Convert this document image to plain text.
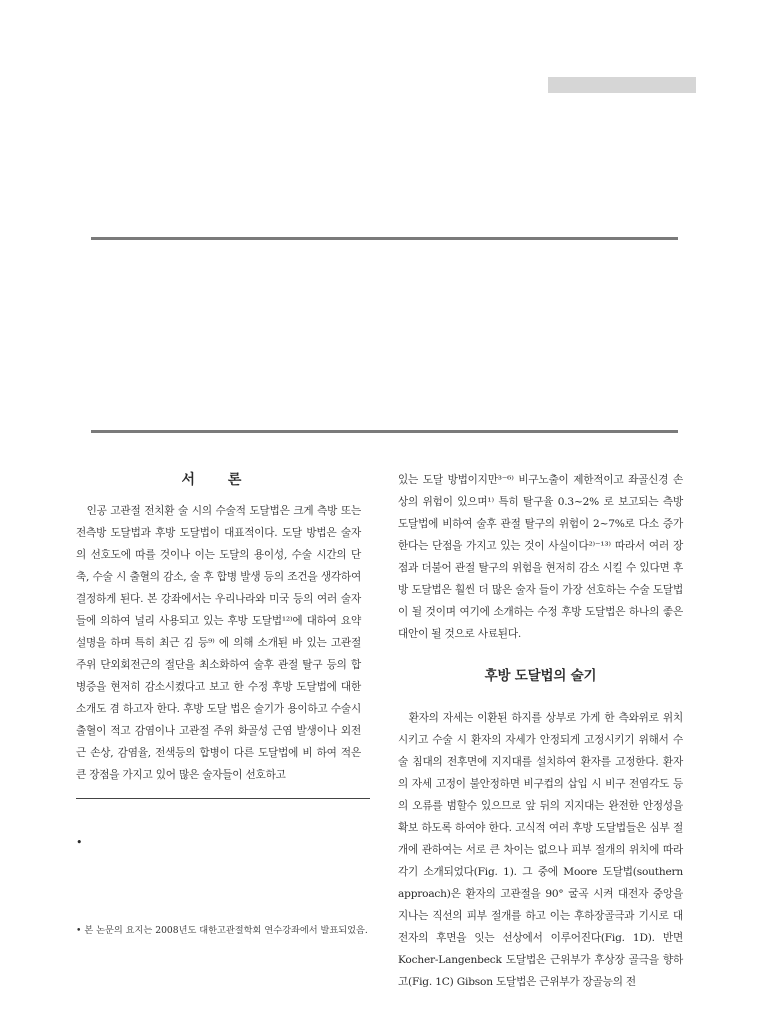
서 론

인공 고관절 전치환 술 시의 수술적 도달법은 크게 측방 또는 전측방 도달법과 후방 도달법이 대표적이다. 도달 방법은 술자의 선호도에 따를 것이나 이는 도달의 용이성, 수술 시간의 단축, 수술 시 출혈의 감소, 술 후 합병 발생 등의 조건을 생각하여 결정하게 된다. 본 강좌에서는 우리나라와 미국 등의 여러 술자들에 의하여 널리 사용되고 있는 후방 도달법¹²⁾에 대하여 요약 설명을 하며 특히 최근 김 등⁹⁾ 에 의해 소개된 바 있는 고관절 주위 단외회전근의 절단을 최소화하여 술후 관절 탈구 등의 합병증을 현저히 감소시켰다고 보고 한 수정 후방 도달법에 대한 소개도 겸 하고자 한다. 후방 도달 법은 술기가 용이하고 수술시 출혈이 적고 감염이나 고관절 주위 화골성 근염 발생이나 외전근 손상, 감염율, 전색등의 합병이 다른 도달법에 비 하여 적은 큰 장점을 가지고 있어 많은 술자들이 선호하고

•
• 본 논문의 요지는 2008년도 대한고관절학회 연수강좌에서 발표되었음.

있는 도달 방법이지만³⁻⁶⁾ 비구노출이 제한적이고 좌골신경 손상의 위험이 있으며¹⁾ 특히 탈구율 0.3~2% 로 보고되는 측방 도달법에 비하여 술후 관절 탈구의 위험이 2~7%로 다소 증가한다는 단점을 가지고 있는 것이 사실이다²⁾⁻¹³⁾ 따라서 여러 장점과 더불어 관절 탈구의 위험을 현저히 감소 시킬 수 있다면 후방 도달법은 훨씬 더 많은 술자 들이 가장 선호하는 수술 도달법이 될 것이며 여기에 소개하는 수정 후방 도달법은 하나의 좋은 대안이 될 것으로 사료된다.

후방 도달법의 술기

환자의 자세는 이환된 하지를 상부로 가게 한 측와위로 위치시키고 수술 시 환자의 자세가 안정되게 고정시키기 위해서 수술 침대의 전후면에 지지대를 설치하여 환자를 고정한다. 환자의 자세 고정이 불안정하면 비구컵의 삽입 시 비구 전염각도 등의 오류를 범할수 있으므로 앞 뒤의 지지대는 완전한 안정성을 확보 하도록 하여야 한다. 고식적 여러 후방 도달법들은 심부 절개에 관하여는 서로 큰 차이는 없으나 피부 절개의 위치에 따라 각기 소개되었다(Fig. 1). 그 중에 Moore 도달법(southern approach)은 환자의 고관절을 90° 굴곡 시켜 대전자 중앙을 지나는 직선의 피부 절개를 하고 이는 후하장골극과 기시로 대전자의 후면을 잇는 선상에서 이루어진다(Fig. 1D). 반면 Kocher-Langenbeck 도달법은 근위부가 후상장 골극을 향하고(Fig. 1C) Gibson 도달법은 근위부가 장골능의 전
